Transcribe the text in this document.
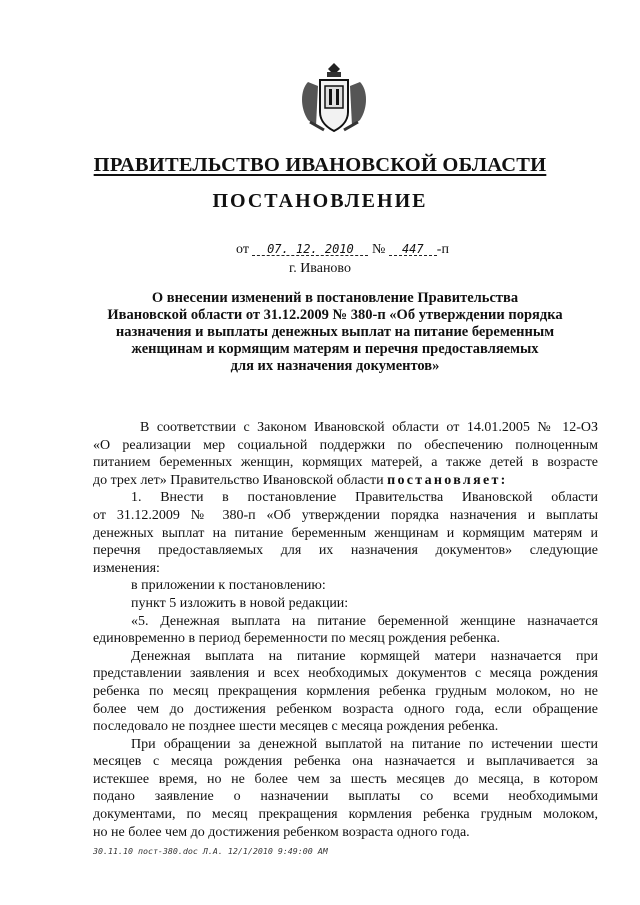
ПРАВИТЕЛЬСТВО ИВАНОВСКОЙ ОБЛАСТИ
ПОСТАНОВЛЕНИЕ
от 07. 12. 2010 № 447 -п
г. Иваново
О внесении изменений в постановление Правительства
Ивановской области от 31.12.2009 № 380-п «Об утверждении порядка
назначения и выплаты денежных выплат на питание беременным
женщинам и кормящим матерям и перечня предоставляемых
для их назначения документов»
В соответствии с Законом Ивановской области от 14.01.2005 № 12-ОЗ
«О реализации мер социальной поддержки по обеспечению полноценным
питанием беременных женщин, кормящих матерей, а также детей в возрасте
до трех лет» Правительство Ивановской области постановляет:
1. Внести в постановление Правительства Ивановской области
от 31.12.2009 № 380-п «Об утверждении порядка назначения и выплаты
денежных выплат на питание беременным женщинам и кормящим матерям и
перечня предоставляемых для их назначения документов» следующие
изменения:
в приложении к постановлению:
пункт 5 изложить в новой редакции:
«5. Денежная выплата на питание беременной женщине назначается
единовременно в период беременности по месяц рождения ребенка.
Денежная выплата на питание кормящей матери назначается при
представлении заявления и всех необходимых документов с месяца рождения
ребенка по месяц прекращения кормления ребенка грудным молоком, но не
более чем до достижения ребенком возраста одного года, если обращение
последовало не позднее шести месяцев с месяца рождения ребенка.
При обращении за денежной выплатой на питание по истечении шести
месяцев с месяца рождения ребенка она назначается и выплачивается за
истекшее время, но не более чем за шесть месяцев до месяца, в котором
подано заявление о назначении выплаты со всеми необходимыми
документами, по месяц прекращения кормления ребенка грудным молоком,
но не более чем до достижения ребенком возраста одного года.
30.11.10 пост-380.doc Л.А. 12/1/2010 9:49:00 AM
